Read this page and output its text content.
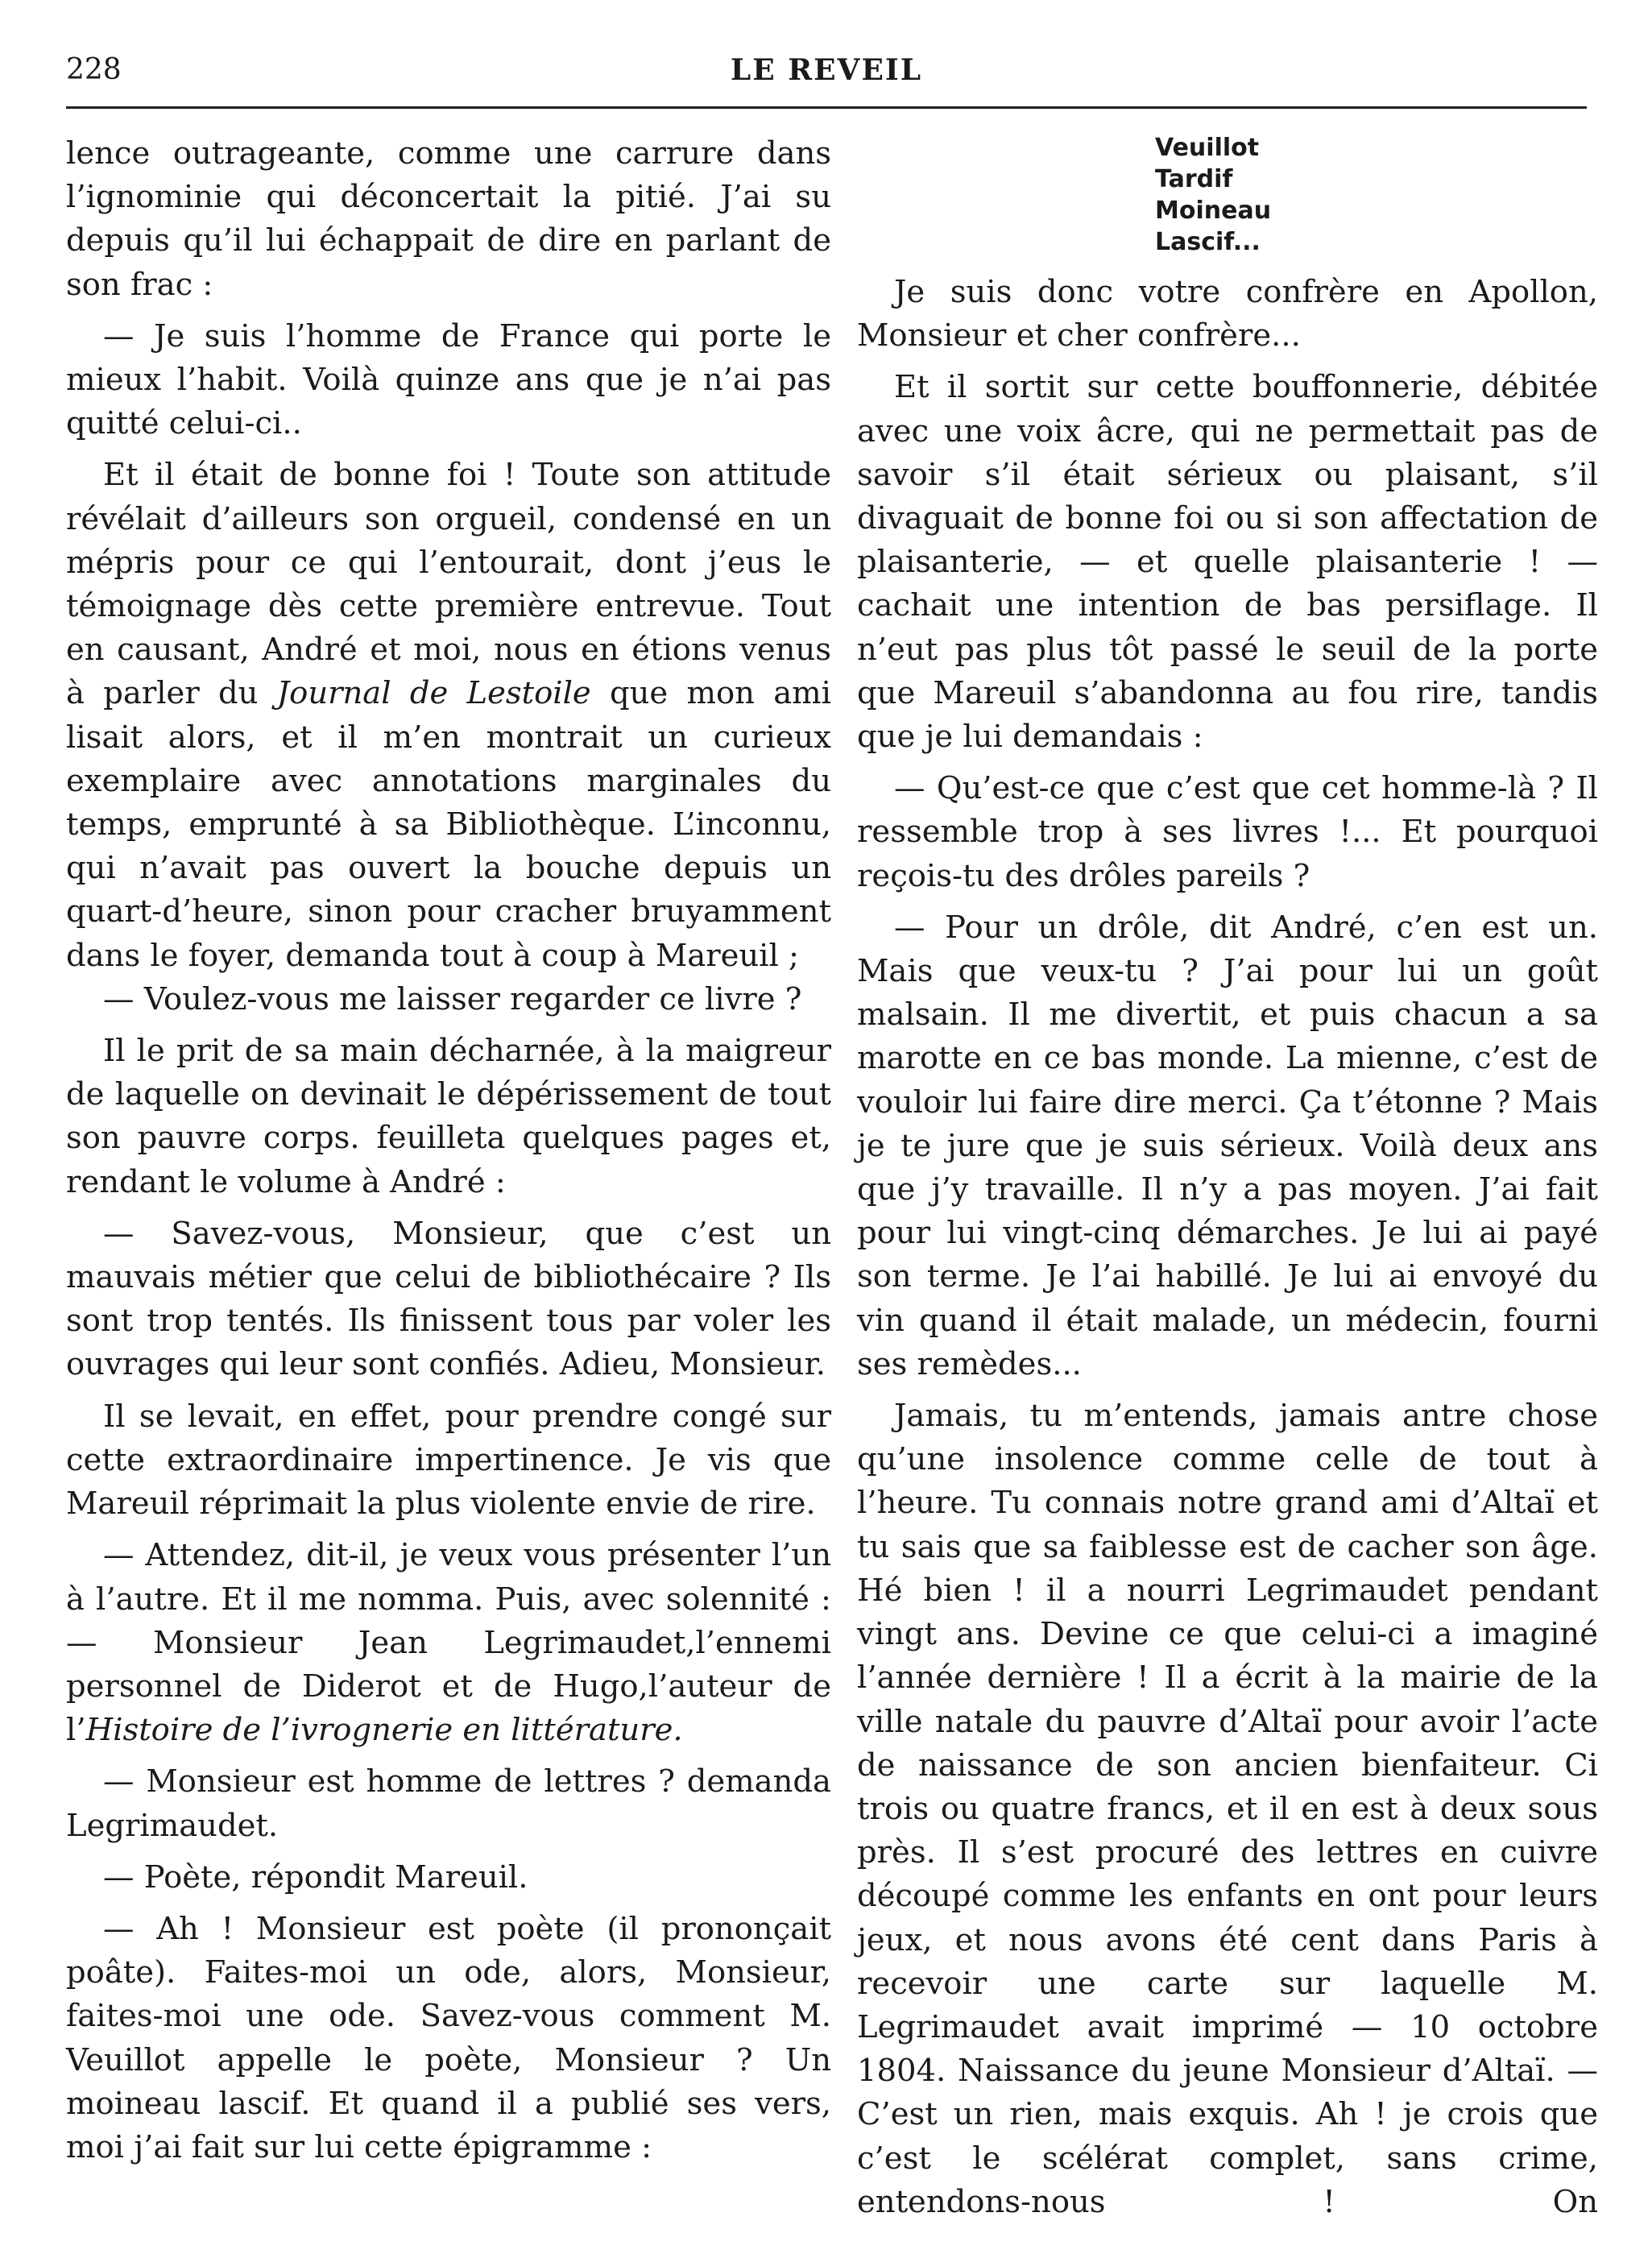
228	LE REVEIL

lence outrageante, comme une carrure dans l’ignominie qui déconcertait la pitié. J’ai su depuis qu’il lui échappait de dire en parlant de son frac :

— Je suis l’homme de France qui porte le mieux l’habit. Voilà quinze ans que je n’ai pas quitté celui-ci..

Et il était de bonne foi ! Toute son attitude révélait d’ailleurs son orgueil, condensé en un mépris pour ce qui l’entourait, dont j’eus le témoignage dès cette première entrevue. Tout en causant, André et moi, nous en étions venus à parler du Journal de Lestoile que mon ami lisait alors, et il m’en montrait un curieux exemplaire avec annotations marginales du temps, emprunté à sa Bibliothèque. L’inconnu, qui n’avait pas ouvert la bouche depuis un quart-d’heure, sinon pour cracher bruyamment dans le foyer, demanda tout à coup à Mareuil ;

— Voulez-vous me laisser regarder ce livre ?

Il le prit de sa main décharnée, à la maigreur de laquelle on devinait le dépérissement de tout son pauvre corps. feuilleta quelques pages et, rendant le volume à André :

— Savez-vous, Monsieur, que c’est un mauvais métier que celui de bibliothécaire ? Ils sont trop tentés. Ils finissent tous par voler les ouvrages qui leur sont confiés. Adieu, Monsieur.

Il se levait, en effet, pour prendre congé sur cette extraordinaire impertinence. Je vis que Mareuil réprimait la plus violente envie de rire.

— Attendez, dit-il, je veux vous présenter l’un à l’autre. Et il me nomma. Puis, avec solennité : — Monsieur Jean Legrimaudet,l’ennemi personnel de Diderot et de Hugo,l’auteur de l’Histoire de l’ivrognerie en littérature.

— Monsieur est homme de lettres ? demanda Legrimaudet.

— Poète, répondit Mareuil.

— Ah ! Monsieur est poète (il prononçait poâte). Faites-moi un ode, alors, Monsieur, faites-moi une ode. Savez-vous comment M. Veuillot appelle le poète, Monsieur ? Un moineau lascif. Et quand il a publié ses vers, moi j’ai fait sur lui cette épigramme :

Veuillot
Tardif
Moineau
Lascif...

Je suis donc votre confrère en Apollon, Monsieur et cher confrère...

Et il sortit sur cette bouffonnerie, débitée avec une voix âcre, qui ne permettait pas de savoir s’il était sérieux ou plaisant, s’il divaguait de bonne foi ou si son affectation de plaisanterie, — et quelle plaisanterie ! — cachait une intention de bas persiflage. Il n’eut pas plus tôt passé le seuil de la porte que Mareuil s’abandonna au fou rire, tandis que je lui demandais :

— Qu’est-ce que c’est que cet homme-là ? Il ressemble trop à ses livres !... Et pourquoi reçois-tu des drôles pareils ?

— Pour un drôle, dit André, c’en est un. Mais que veux-tu ? J’ai pour lui un goût malsain. Il me divertit, et puis chacun a sa marotte en ce bas monde. La mienne, c’est de vouloir lui faire dire merci. Ça t’étonne ? Mais je te jure que je suis sérieux. Voilà deux ans que j’y travaille. Il n’y a pas moyen. J’ai fait pour lui vingt-cinq démarches. Je lui ai payé son terme. Je l’ai habillé. Je lui ai envoyé du vin quand il était malade, un médecin, fourni ses remèdes...

Jamais, tu m’entends, jamais antre chose qu’une insolence comme celle de tout à l’heure. Tu connais notre grand ami d’Altaï et tu sais que sa faiblesse est de cacher son âge. Hé bien ! il a nourri Legrimaudet pendant vingt ans. Devine ce que celui-ci a imaginé l’année dernière ! Il a écrit à la mairie de la ville natale du pauvre d’Altaï pour avoir l’acte de naissance de son ancien bienfaiteur. Ci trois ou quatre francs, et il en est à deux sous près. Il s’est procuré des lettres en cuivre découpé comme les enfants en ont pour leurs jeux, et nous avons été cent dans Paris à recevoir une carte sur laquelle M. Legrimaudet avait imprimé — 10 octobre 1804. Naissance du jeune Monsieur d’Altaï. — C’est un rien, mais exquis. Ah ! je crois que c’est le scélérat complet, sans crime, entendons-nous ! On
